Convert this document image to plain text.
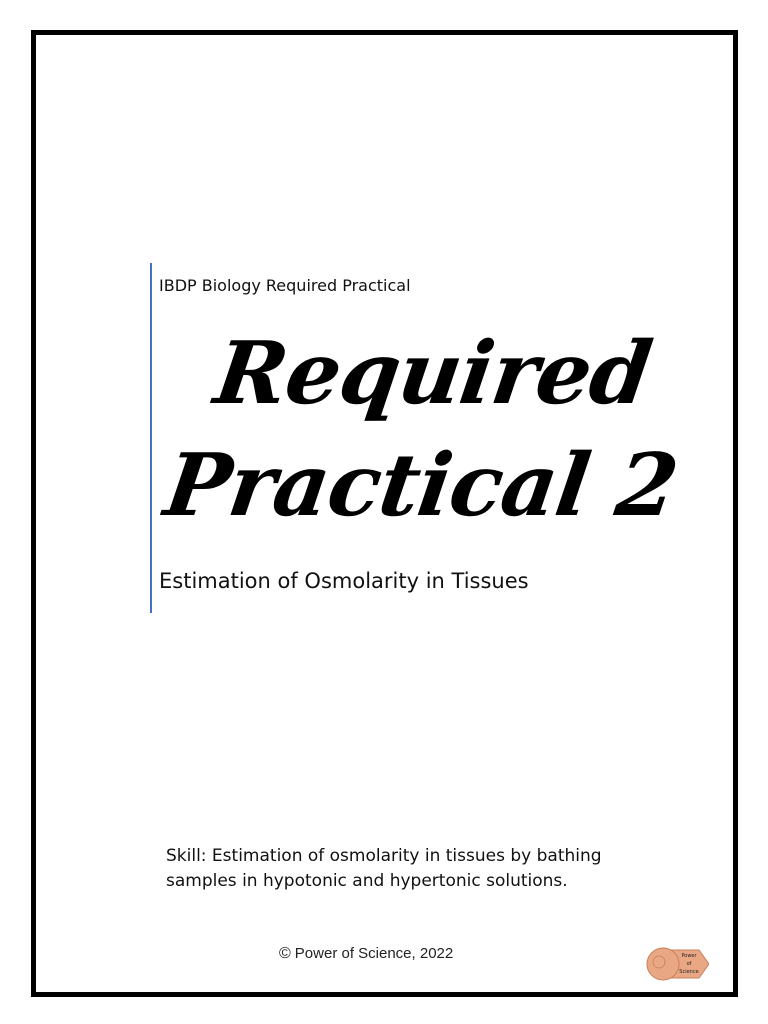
IBDP Biology Required Practical
Required
Practical 2
Estimation of Osmolarity in Tissues
Skill: Estimation of osmolarity in tissues by bathing samples in hypotonic and hypertonic solutions.
© Power of Science, 2022	Power
of
Science
